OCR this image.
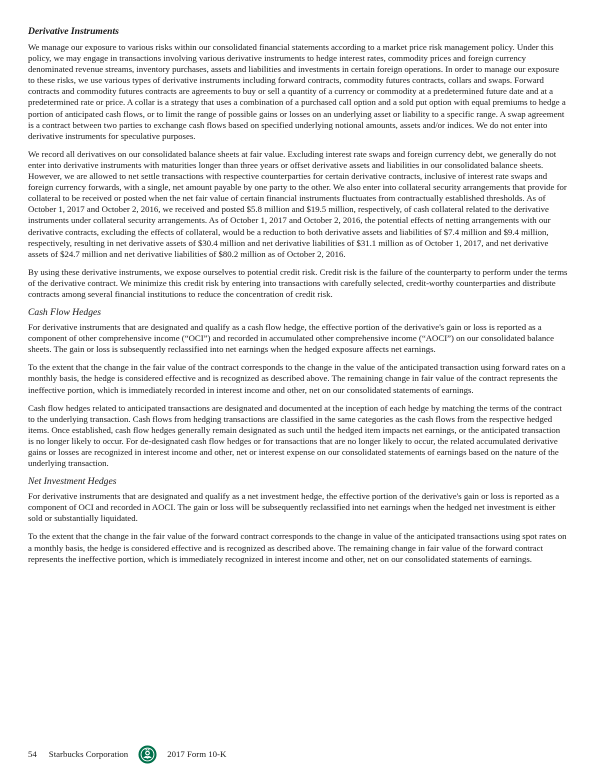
Derivative Instruments

We manage our exposure to various risks within our consolidated financial statements according to a market price risk management policy. Under this policy, we may engage in transactions involving various derivative instruments to hedge interest rates, commodity prices and foreign currency denominated revenue streams, inventory purchases, assets and liabilities and investments in certain foreign operations. In order to manage our exposure to these risks, we use various types of derivative instruments including forward contracts, commodity futures contracts, collars and swaps. Forward contracts and commodity futures contracts are agreements to buy or sell a quantity of a currency or commodity at a predetermined future date and at a predetermined rate or price. A collar is a strategy that uses a combination of a purchased call option and a sold put option with equal premiums to hedge a portion of anticipated cash flows, or to limit the range of possible gains or losses on an underlying asset or liability to a specific range. A swap agreement is a contract between two parties to exchange cash flows based on specified underlying notional amounts, assets and/or indices. We do not enter into derivative instruments for speculative purposes.

We record all derivatives on our consolidated balance sheets at fair value. Excluding interest rate swaps and foreign currency debt, we generally do not enter into derivative instruments with maturities longer than three years or offset derivative assets and liabilities in our consolidated balance sheets. However, we are allowed to net settle transactions with respective counterparties for certain derivative contracts, inclusive of interest rate swaps and foreign currency forwards, with a single, net amount payable by one party to the other. We also enter into collateral security arrangements that provide for collateral to be received or posted when the net fair value of certain financial instruments fluctuates from contractually established thresholds. As of October 1, 2017 and October 2, 2016, we received and posted $5.8 million and $19.5 million, respectively, of cash collateral related to the derivative instruments under collateral security arrangements. As of October 1, 2017 and October 2, 2016, the potential effects of netting arrangements with our derivative contracts, excluding the effects of collateral, would be a reduction to both derivative assets and liabilities of $7.4 million and $9.4 million, respectively, resulting in net derivative assets of $30.4 million and net derivative liabilities of $31.1 million as of October 1, 2017, and net derivative assets of $24.7 million and net derivative liabilities of $80.2 million as of October 2, 2016.

By using these derivative instruments, we expose ourselves to potential credit risk. Credit risk is the failure of the counterparty to perform under the terms of the derivative contract. We minimize this credit risk by entering into transactions with carefully selected, credit-worthy counterparties and distribute contracts among several financial institutions to reduce the concentration of credit risk.

Cash Flow Hedges

For derivative instruments that are designated and qualify as a cash flow hedge, the effective portion of the derivative's gain or loss is reported as a component of other comprehensive income (“OCI”) and recorded in accumulated other comprehensive income (“AOCI”) on our consolidated balance sheets. The gain or loss is subsequently reclassified into net earnings when the hedged exposure affects net earnings.

To the extent that the change in the fair value of the contract corresponds to the change in the value of the anticipated transaction using forward rates on a monthly basis, the hedge is considered effective and is recognized as described above. The remaining change in fair value of the contract represents the ineffective portion, which is immediately recorded in interest income and other, net on our consolidated statements of earnings.

Cash flow hedges related to anticipated transactions are designated and documented at the inception of each hedge by matching the terms of the contract to the underlying transaction. Cash flows from hedging transactions are classified in the same categories as the cash flows from the respective hedged items. Once established, cash flow hedges generally remain designated as such until the hedged item impacts net earnings, or the anticipated transaction is no longer likely to occur. For de-designated cash flow hedges or for transactions that are no longer likely to occur, the related accumulated derivative gains or losses are recognized in interest income and other, net or interest expense on our consolidated statements of earnings based on the nature of the underlying transaction.

Net Investment Hedges

For derivative instruments that are designated and qualify as a net investment hedge, the effective portion of the derivative's gain or loss is reported as a component of OCI and recorded in AOCI. The gain or loss will be subsequently reclassified into net earnings when the hedged net investment is either sold or substantially liquidated.

To the extent that the change in the fair value of the forward contract corresponds to the change in value of the anticipated transactions using spot rates on a monthly basis, the hedge is considered effective and is recognized as described above. The remaining change in fair value of the forward contract represents the ineffective portion, which is immediately recognized in interest income and other, net on our consolidated statements of earnings.

54 Starbucks Corporation	2017 Form 10-K
